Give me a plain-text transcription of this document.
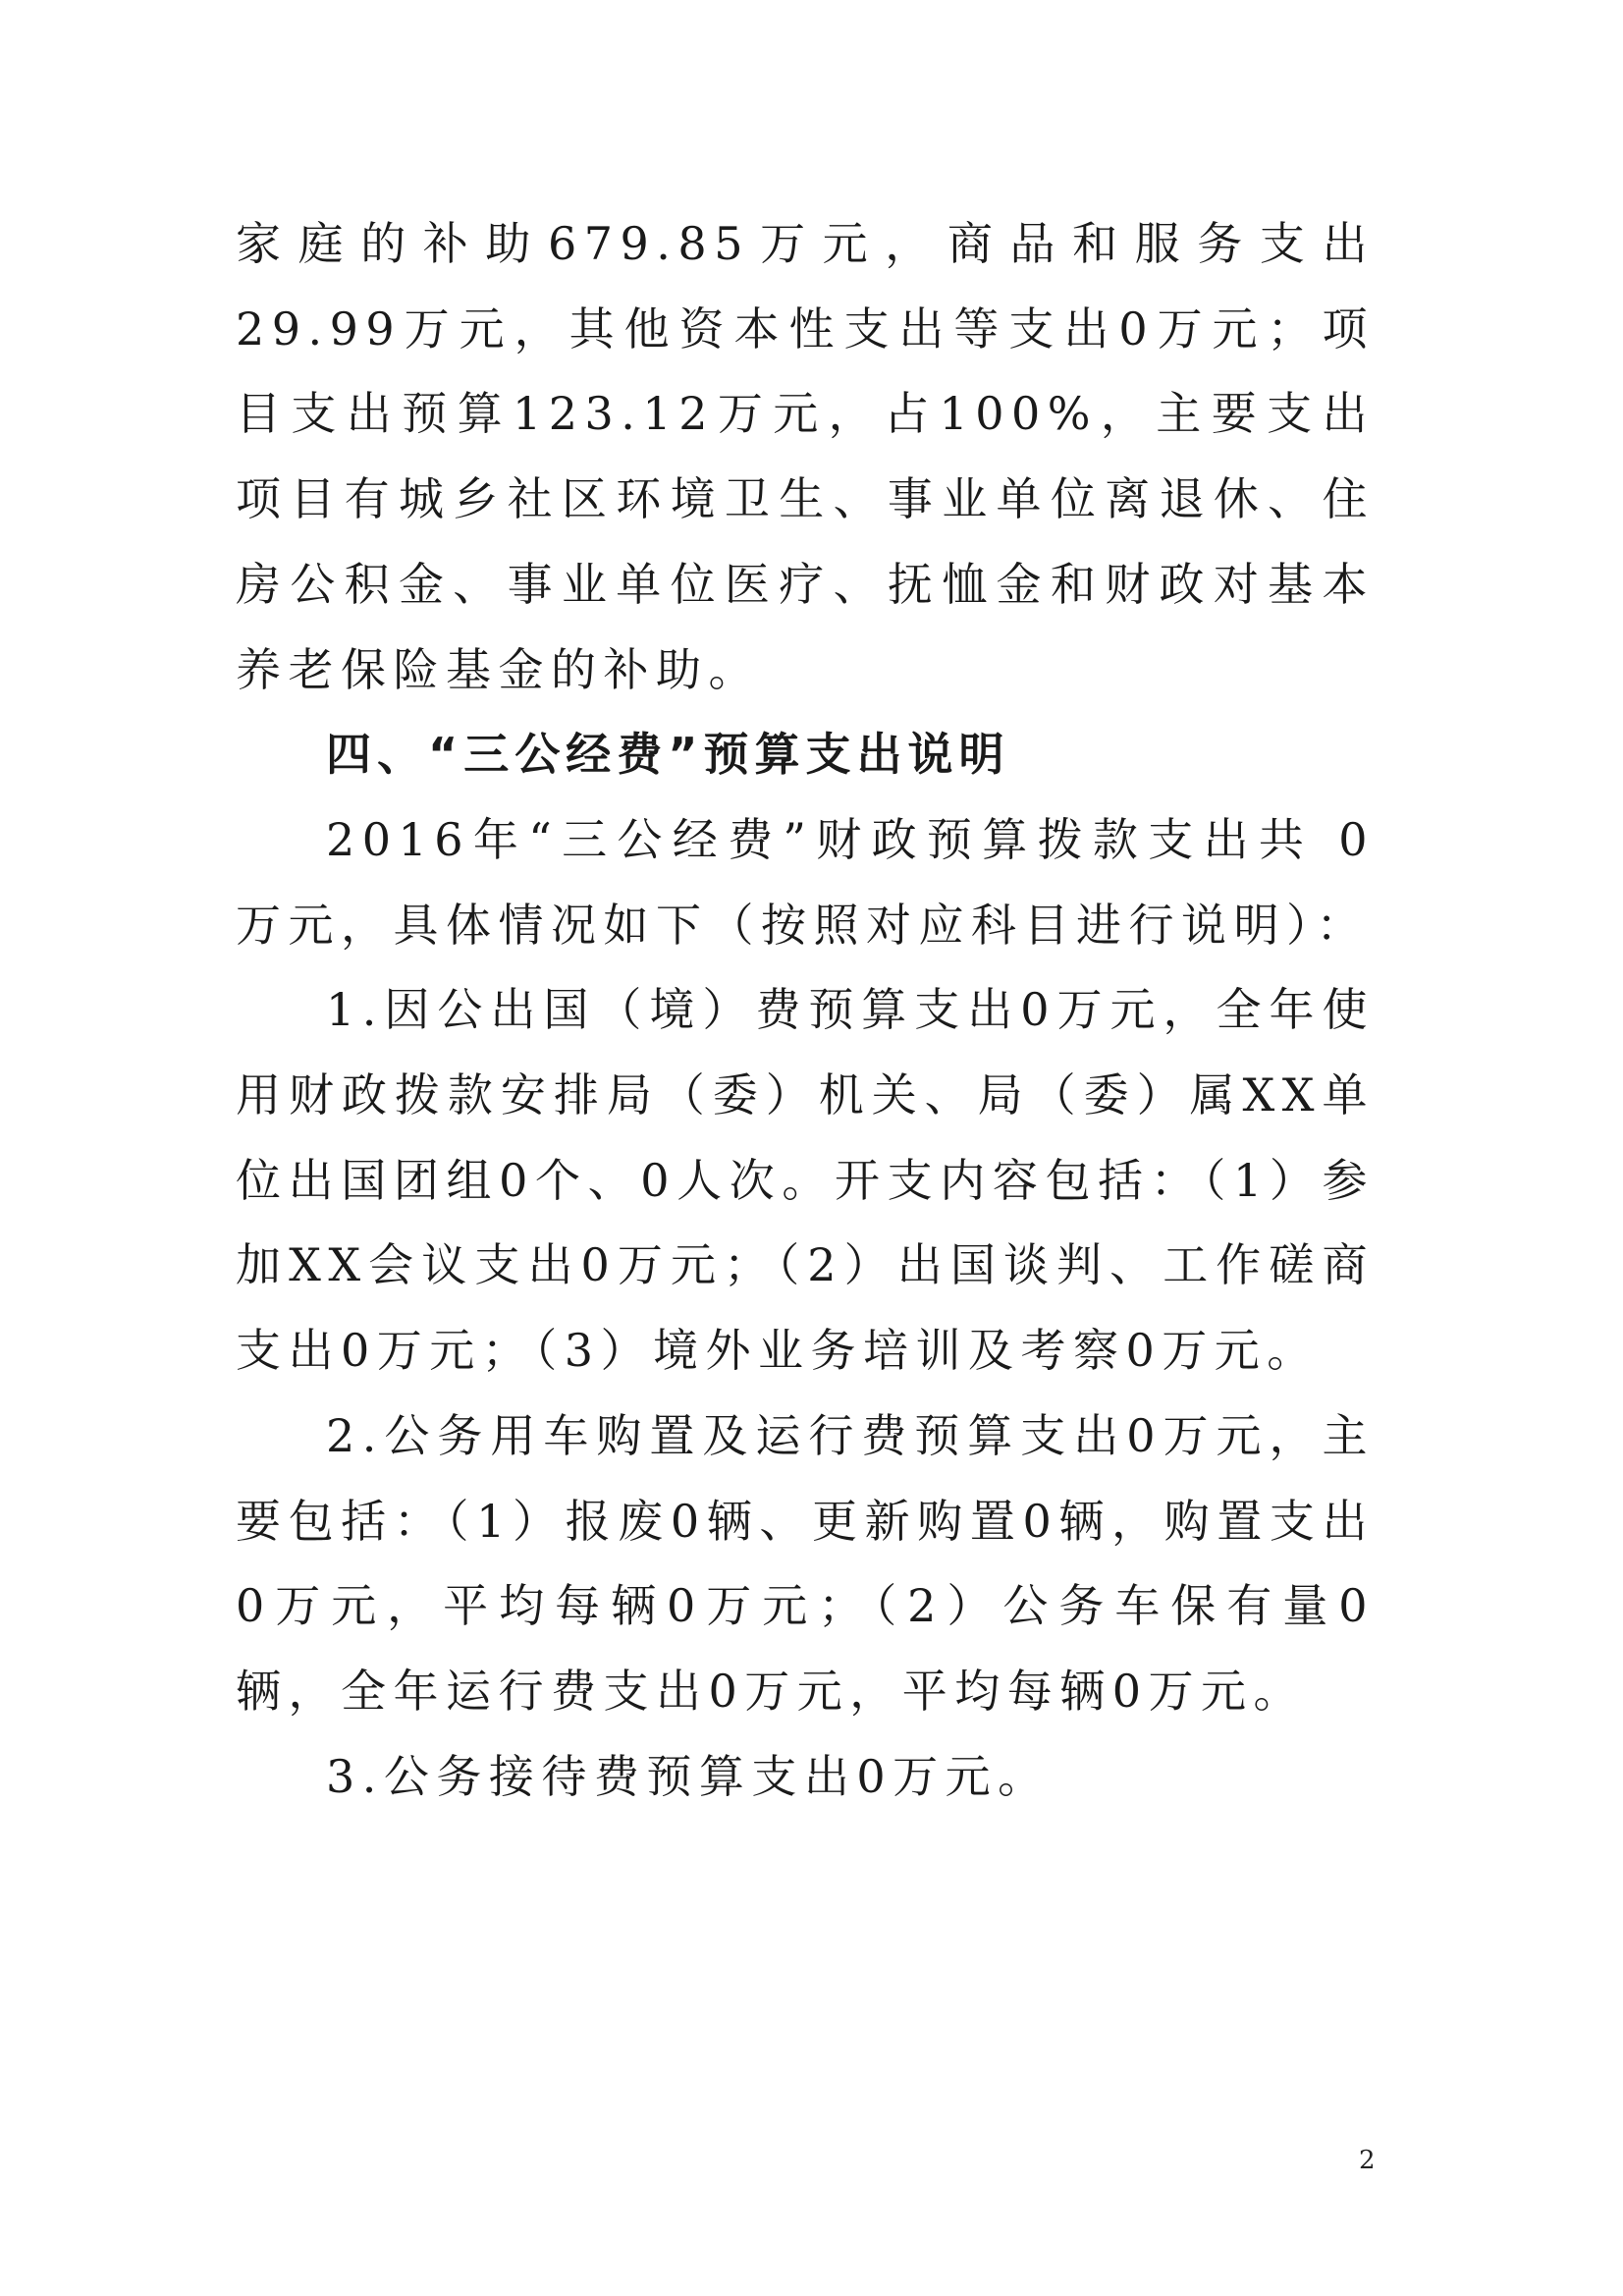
家庭的补助679.85万元，商品和服务支出29.99万元，其他资本性支出等支出0万元；项目支出预算123.12万元，占100%，主要支出项目有城乡社区环境卫生、事业单位离退休、住房公积金、事业单位医疗、抚恤金和财政对基本养老保险基金的补助。

四、“三公经费”预算支出说明

2016年“三公经费”财政预算拨款支出共 0万元，具体情况如下（按照对应科目进行说明）：

1.因公出国（境）费预算支出0万元，全年使用财政拨款安排局（委）机关、局（委）属XX单位出国团组0个、0人次。开支内容包括：（1）参加XX会议支出0万元；（2）出国谈判、工作磋商支出0万元；（3）境外业务培训及考察0万元。

2.公务用车购置及运行费预算支出0万元，主要包括：（1）报废0辆、更新购置0辆，购置支出0万元，平均每辆0万元；（2）公务车保有量0辆，全年运行费支出0万元，平均每辆0万元。

3.公务接待费预算支出0万元。

2
